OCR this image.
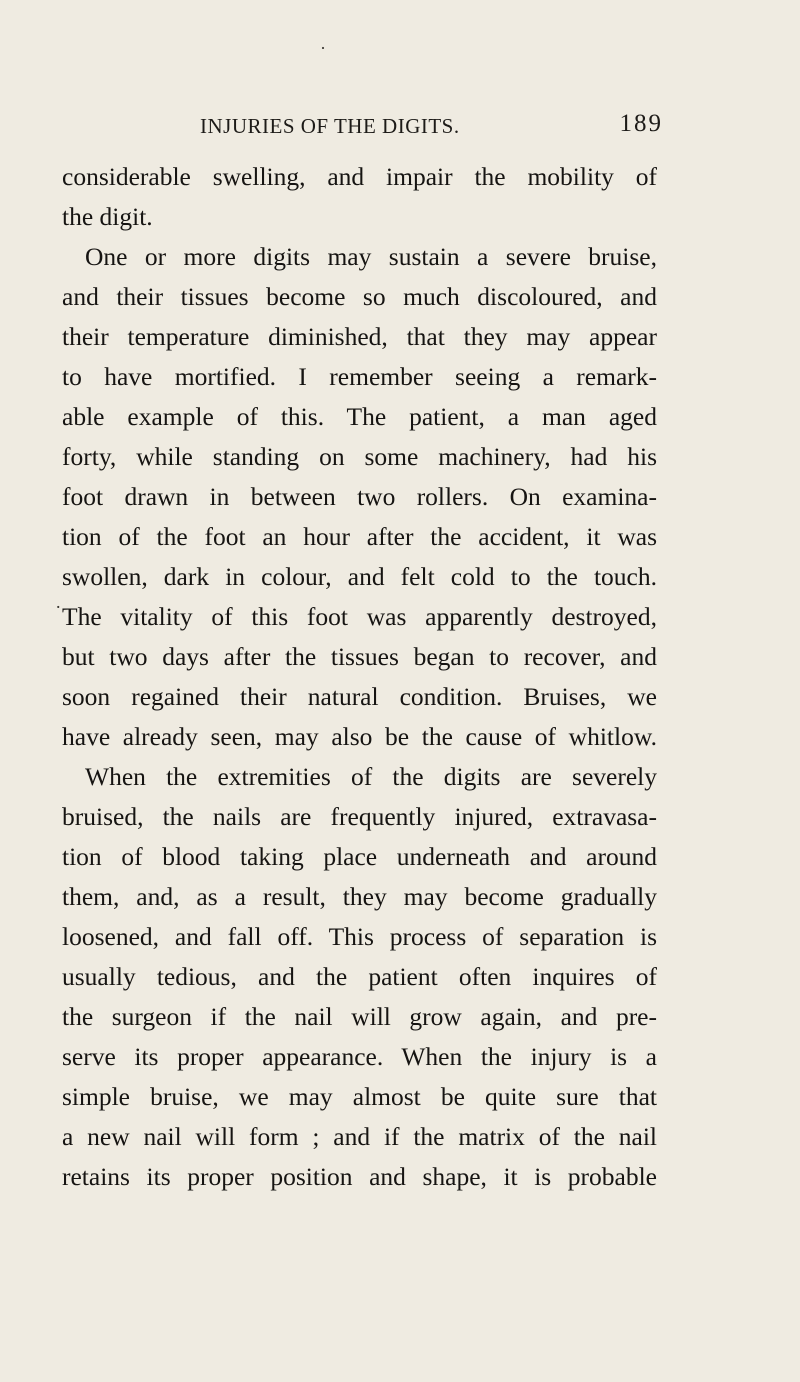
INJURIES OF THE DIGITS.	189
considerable swelling, and impair the mobility of
the digit.
One or more digits may sustain a severe bruise,
and their tissues become so much discoloured, and
their temperature diminished, that they may appear
to have mortified. I remember seeing a remark-
able example of this. The patient, a man aged
forty, while standing on some machinery, had his
foot drawn in between two rollers. On examina-
tion of the foot an hour after the accident, it was
swollen, dark in colour, and felt cold to the touch.
The vitality of this foot was apparently destroyed,
but two days after the tissues began to recover, and
soon regained their natural condition. Bruises, we
have already seen, may also be the cause of whitlow.
When the extremities of the digits are severely
bruised, the nails are frequently injured, extravasa-
tion of blood taking place underneath and around
them, and, as a result, they may become gradually
loosened, and fall off. This process of separation is
usually tedious, and the patient often inquires of
the surgeon if the nail will grow again, and pre-
serve its proper appearance. When the injury is a
simple bruise, we may almost be quite sure that
a new nail will form ; and if the matrix of the nail
retains its proper position and shape, it is probable
·
.
